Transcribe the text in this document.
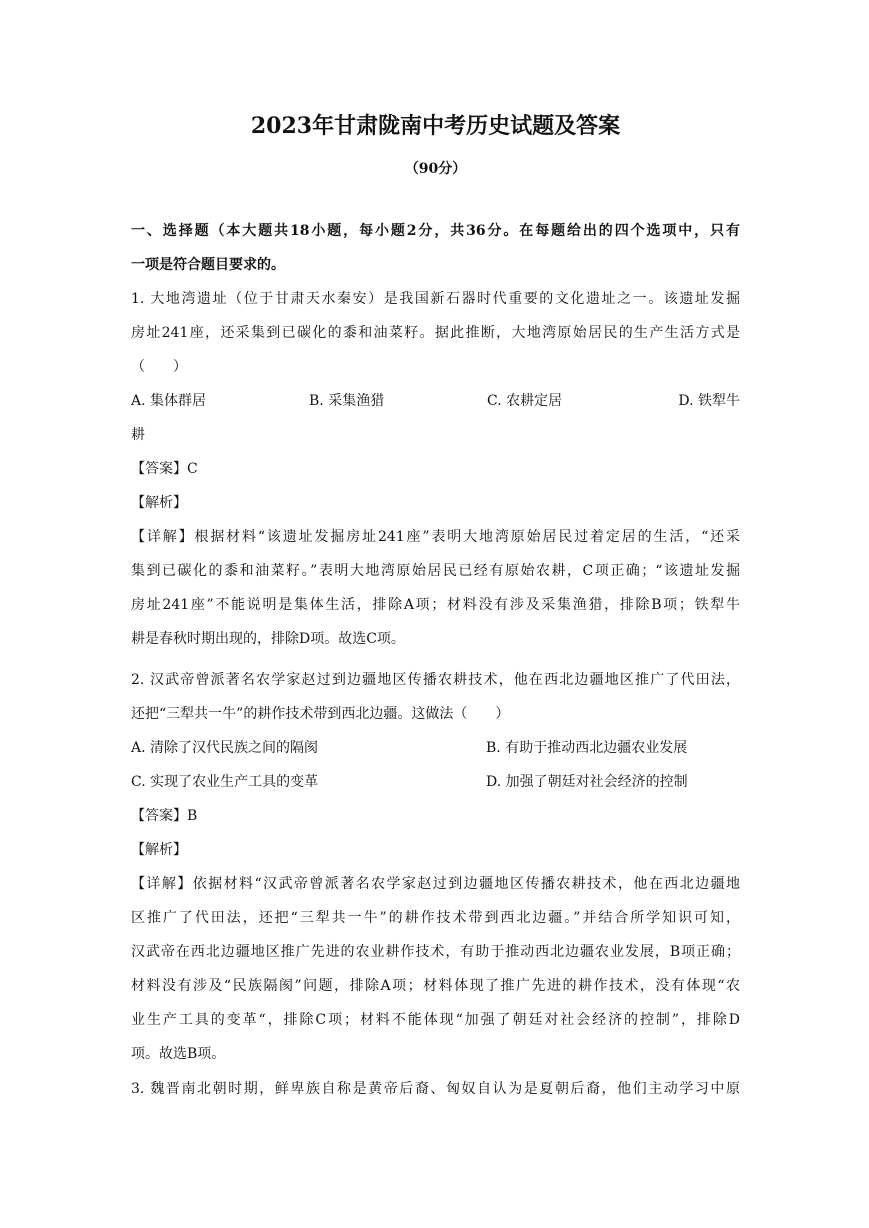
2023年甘肃陇南中考历史试题及答案
（90分）
一、选择题（本大题共18小题，每小题2分，共36分。在每题给出的四个选项中，只有
一项是符合题目要求的。
1. 大地湾遗址（位于甘肃天水秦安）是我国新石器时代重要的文化遗址之一。该遗址发掘
房址241座，还采集到已碳化的黍和油菜籽。据此推断，大地湾原始居民的生产生活方式是
（　　）
A. 集体群居	B. 采集渔猎	C. 农耕定居	D. 铁犁牛
耕
【答案】C
【解析】
【详解】根据材料“该遗址发掘房址241座”表明大地湾原始居民过着定居的生活，“还采
集到已碳化的黍和油菜籽。”表明大地湾原始居民已经有原始农耕，C项正确；“该遗址发掘
房址241座”不能说明是集体生活，排除A项；材料没有涉及采集渔猎，排除B项；铁犁牛
耕是春秋时期出现的，排除D项。故选C项。
2. 汉武帝曾派著名农学家赵过到边疆地区传播农耕技术，他在西北边疆地区推广了代田法，
还把“三犁共一牛”的耕作技术带到西北边疆。这做法（　　）
A. 清除了汉代民族之间的隔阂	B. 有助于推动西北边疆农业发展
C. 实现了农业生产工具的变革	D. 加强了朝廷对社会经济的控制
【答案】B
【解析】
【详解】依据材料“汉武帝曾派著名农学家赵过到边疆地区传播农耕技术，他在西北边疆地
区推广了代田法，还把“三犁共一牛”的耕作技术带到西北边疆。”并结合所学知识可知，
汉武帝在西北边疆地区推广先进的农业耕作技术，有助于推动西北边疆农业发展，B项正确；
材料没有涉及“民族隔阂”问题，排除A项；材料体现了推广先进的耕作技术，没有体现“农
业生产工具的变革“，排除C项；材料不能体现“加强了朝廷对社会经济的控制”，排除D
项。故选B项。
3. 魏晋南北朝时期，鲜卑族自称是黄帝后裔、匈奴自认为是夏朝后裔，他们主动学习中原
